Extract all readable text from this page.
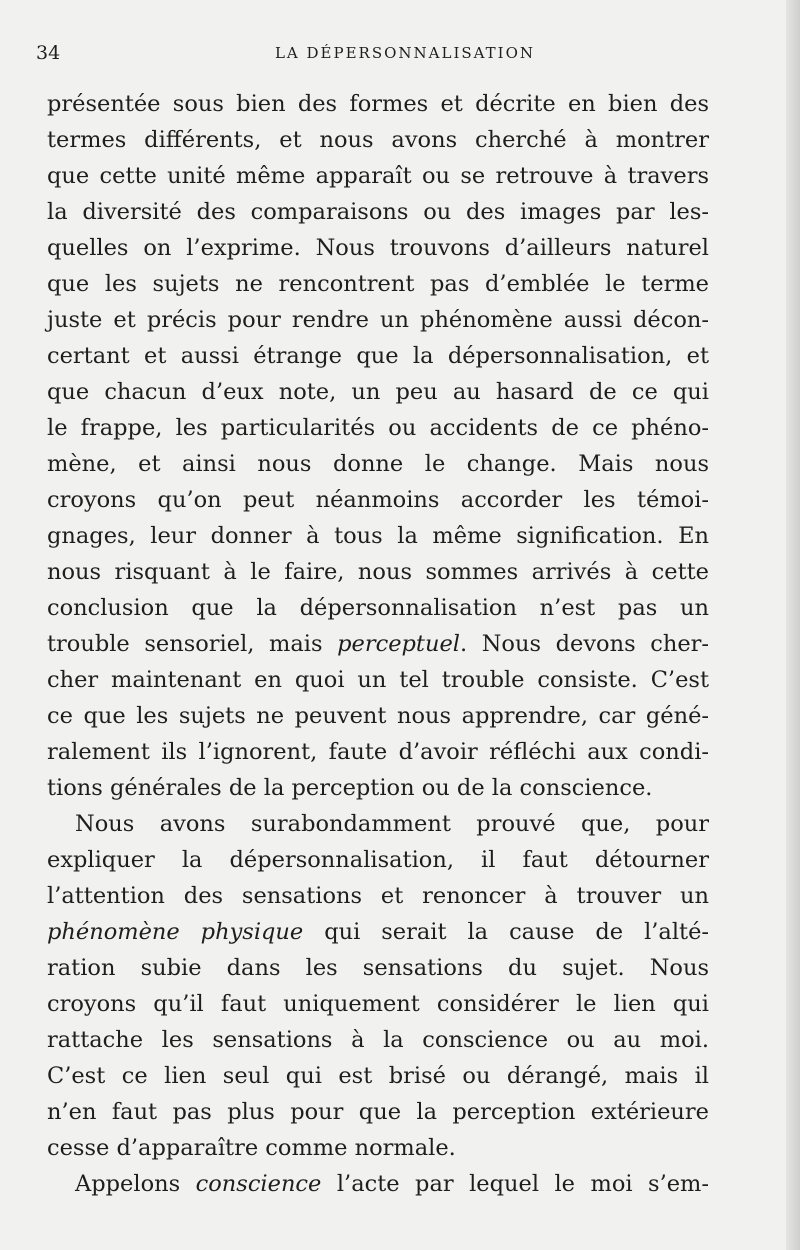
34	LA DÉPERSONNALISATION

présentée sous bien des formes et décrite en bien des

termes différents, et nous avons cherché à montrer

que cette unité même apparaît ou se retrouve à travers

la diversité des comparaisons ou des images par les-

quelles on l’exprime. Nous trouvons d’ailleurs naturel

que les sujets ne rencontrent pas d’emblée le terme

juste et précis pour rendre un phénomène aussi décon-

certant et aussi étrange que la dépersonnalisation, et

que chacun d’eux note, un peu au hasard de ce qui

le frappe, les particularités ou accidents de ce phéno-

mène, et ainsi nous donne le change. Mais nous

croyons qu’on peut néanmoins accorder les témoi-

gnages, leur donner à tous la même signification. En

nous risquant à le faire, nous sommes arrivés à cette

conclusion que la dépersonnalisation n’est pas un

trouble sensoriel, mais perceptuel. Nous devons cher-

cher maintenant en quoi un tel trouble consiste. C’est

ce que les sujets ne peuvent nous apprendre, car géné-

ralement ils l’ignorent, faute d’avoir réfléchi aux condi-

tions générales de la perception ou de la conscience.

Nous avons surabondamment prouvé que, pour

expliquer la dépersonnalisation, il faut détourner

l’attention des sensations et renoncer à trouver un

phénomène physique qui serait la cause de l’alté-

ration subie dans les sensations du sujet. Nous

croyons qu’il faut uniquement considérer le lien qui

rattache les sensations à la conscience ou au moi.

C’est ce lien seul qui est brisé ou dérangé, mais il

n’en faut pas plus pour que la perception extérieure

cesse d’apparaître comme normale.

Appelons conscience l’acte par lequel le moi s’em-
